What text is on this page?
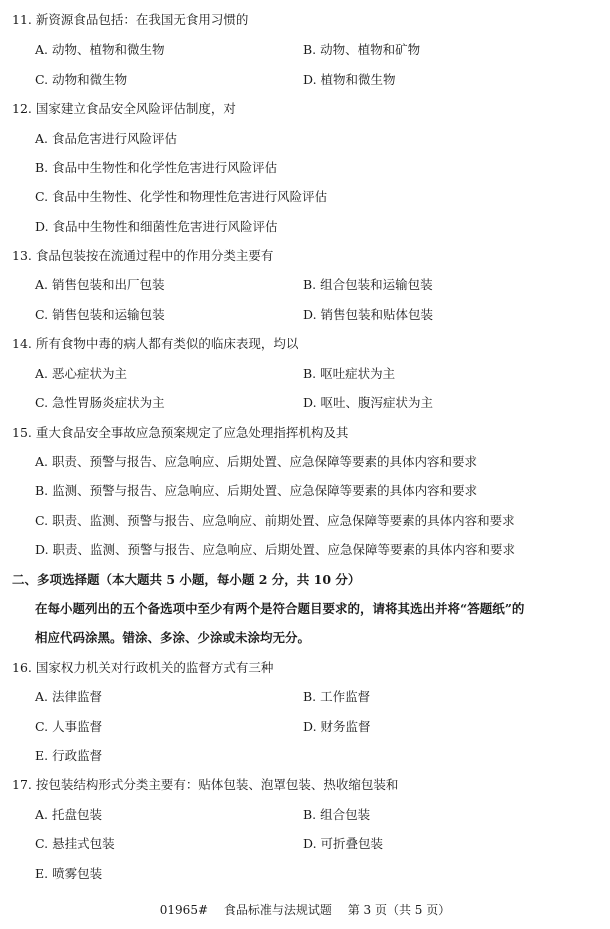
11. 新资源食品包括：在我国无食用习惯的
A. 动物、植物和微生物	B. 动物、植物和矿物
C. 动物和微生物	D. 植物和微生物
12. 国家建立食品安全风险评估制度，对
A. 食品危害进行风险评估
B. 食品中生物性和化学性危害进行风险评估
C. 食品中生物性、化学性和物理性危害进行风险评估
D. 食品中生物性和细菌性危害进行风险评估
13. 食品包装按在流通过程中的作用分类主要有
A. 销售包装和出厂包装	B. 组合包装和运输包装
C. 销售包装和运输包装	D. 销售包装和贴体包装
14. 所有食物中毒的病人都有类似的临床表现，均以
A. 恶心症状为主	B. 呕吐症状为主
C. 急性胃肠炎症状为主	D. 呕吐、腹泻症状为主
15. 重大食品安全事故应急预案规定了应急处理指挥机构及其
A. 职责、预警与报告、应急响应、后期处置、应急保障等要素的具体内容和要求
B. 监测、预警与报告、应急响应、后期处置、应急保障等要素的具体内容和要求
C. 职责、监测、预警与报告、应急响应、前期处置、应急保障等要素的具体内容和要求
D. 职责、监测、预警与报告、应急响应、后期处置、应急保障等要素的具体内容和要求
二、多项选择题（本大题共 5 小题，每小题 2 分，共 10 分）
在每小题列出的五个备选项中至少有两个是符合题目要求的，请将其选出并将“答题纸”的
相应代码涂黑。错涂、多涂、少涂或未涂均无分。
16. 国家权力机关对行政机关的监督方式有三种
A. 法律监督	B. 工作监督
C. 人事监督	D. 财务监督
E. 行政监督
17. 按包装结构形式分类主要有：贴体包装、泡罩包装、热收缩包装和
A. 托盘包装	B. 组合包装
C. 悬挂式包装	D. 可折叠包装
E. 喷雾包装
01965# 食品标准与法规试题 第 3 页（共 5 页）
